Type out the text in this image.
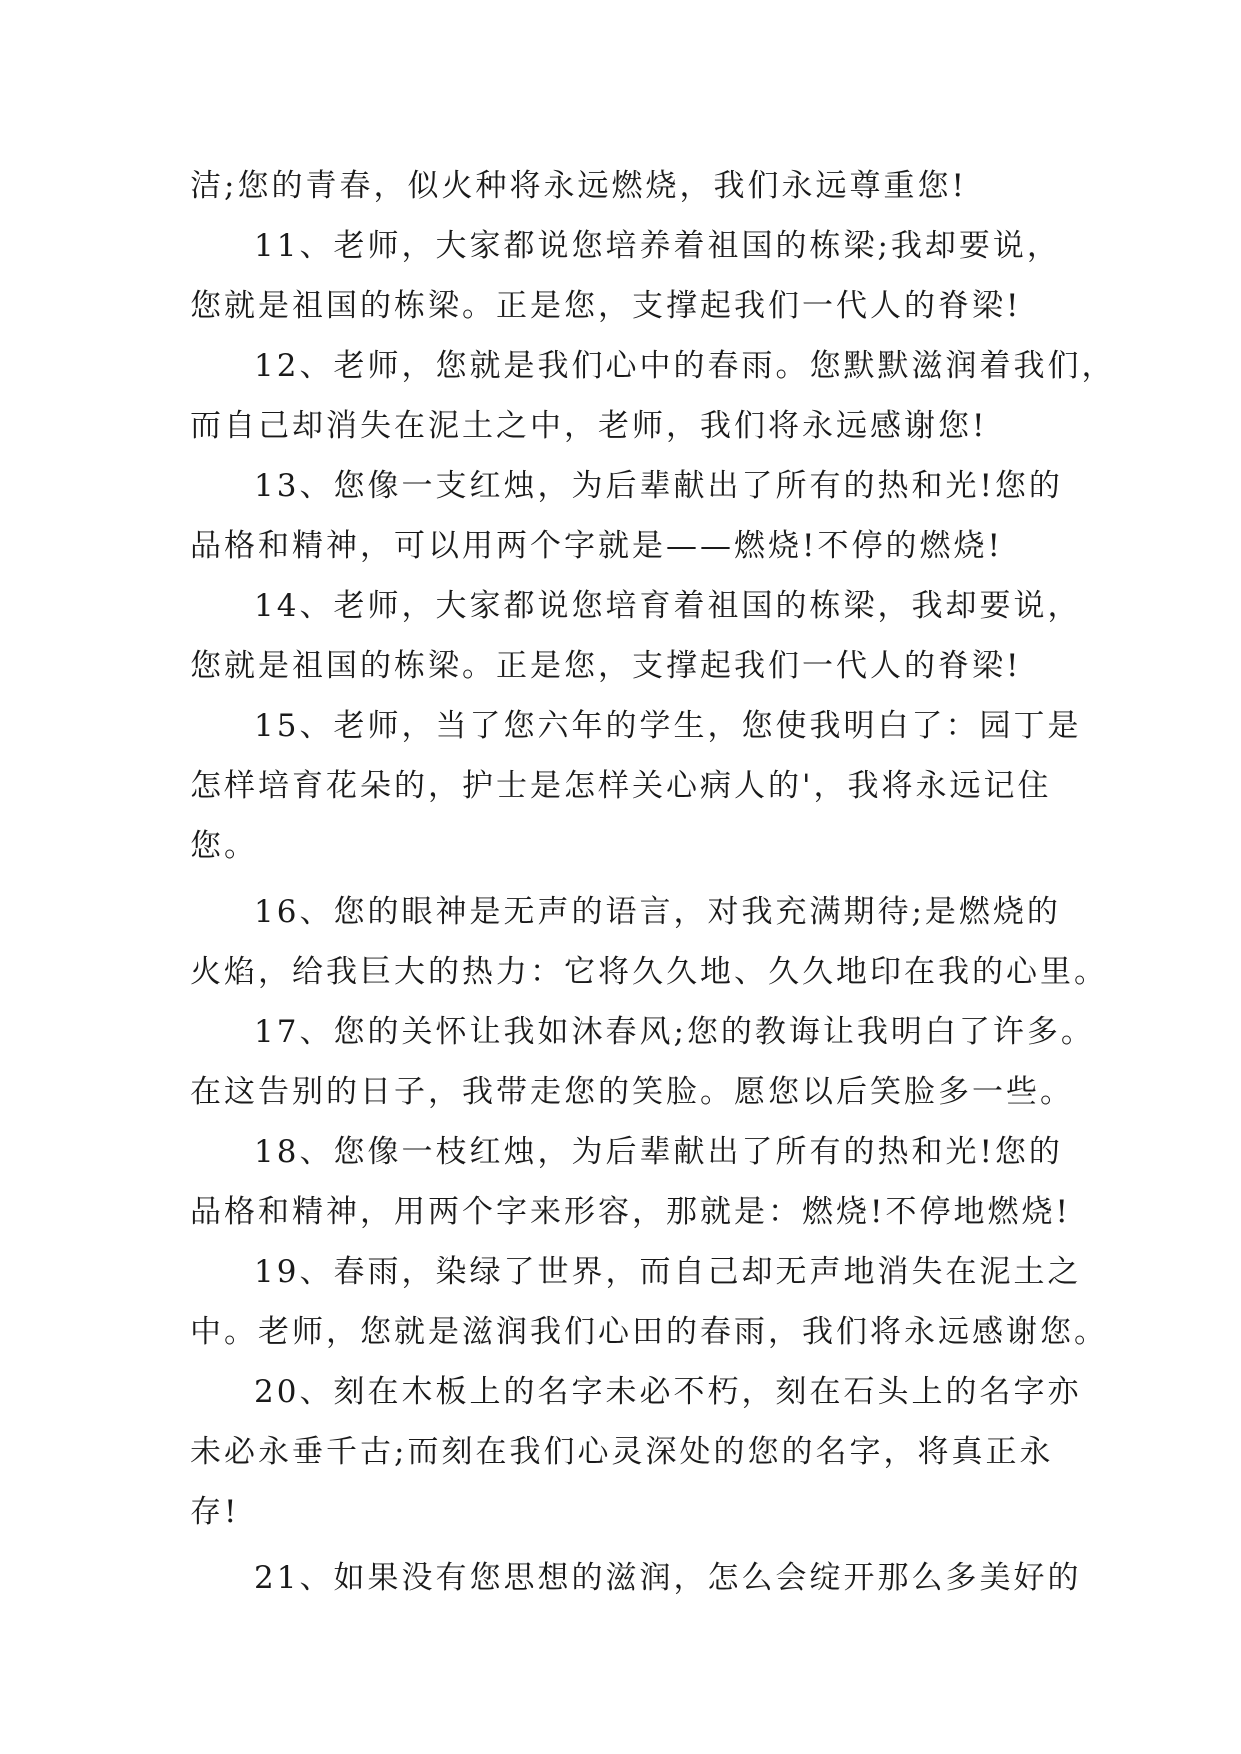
洁;您的青春，似火种将永远燃烧，我们永远尊重您!
11、老师，大家都说您培养着祖国的栋梁;我却要说，
您就是祖国的栋梁。正是您，支撑起我们一代人的脊梁!
12、老师，您就是我们心中的春雨。您默默滋润着我们，
而自己却消失在泥土之中，老师，我们将永远感谢您!
13、您像一支红烛，为后辈献出了所有的热和光!您的
品格和精神，可以用两个字就是——燃烧!不停的燃烧!
14、老师，大家都说您培育着祖国的栋梁，我却要说，
您就是祖国的栋梁。正是您，支撑起我们一代人的脊梁!
15、老师，当了您六年的学生，您使我明白了：园丁是
怎样培育花朵的，护士是怎样关心病人的'，我将永远记住
您。
16、您的眼神是无声的语言，对我充满期待;是燃烧的
火焰，给我巨大的热力：它将久久地、久久地印在我的心里。
17、您的关怀让我如沐春风;您的教诲让我明白了许多。
在这告别的日子，我带走您的笑脸。愿您以后笑脸多一些。
18、您像一枝红烛，为后辈献出了所有的热和光!您的
品格和精神，用两个字来形容，那就是：燃烧!不停地燃烧!
19、春雨，染绿了世界，而自己却无声地消失在泥土之
中。老师，您就是滋润我们心田的春雨，我们将永远感谢您。
20、刻在木板上的名字未必不朽，刻在石头上的名字亦
未必永垂千古;而刻在我们心灵深处的您的名字，将真正永
存!
21、如果没有您思想的滋润，怎么会绽开那么多美好的
